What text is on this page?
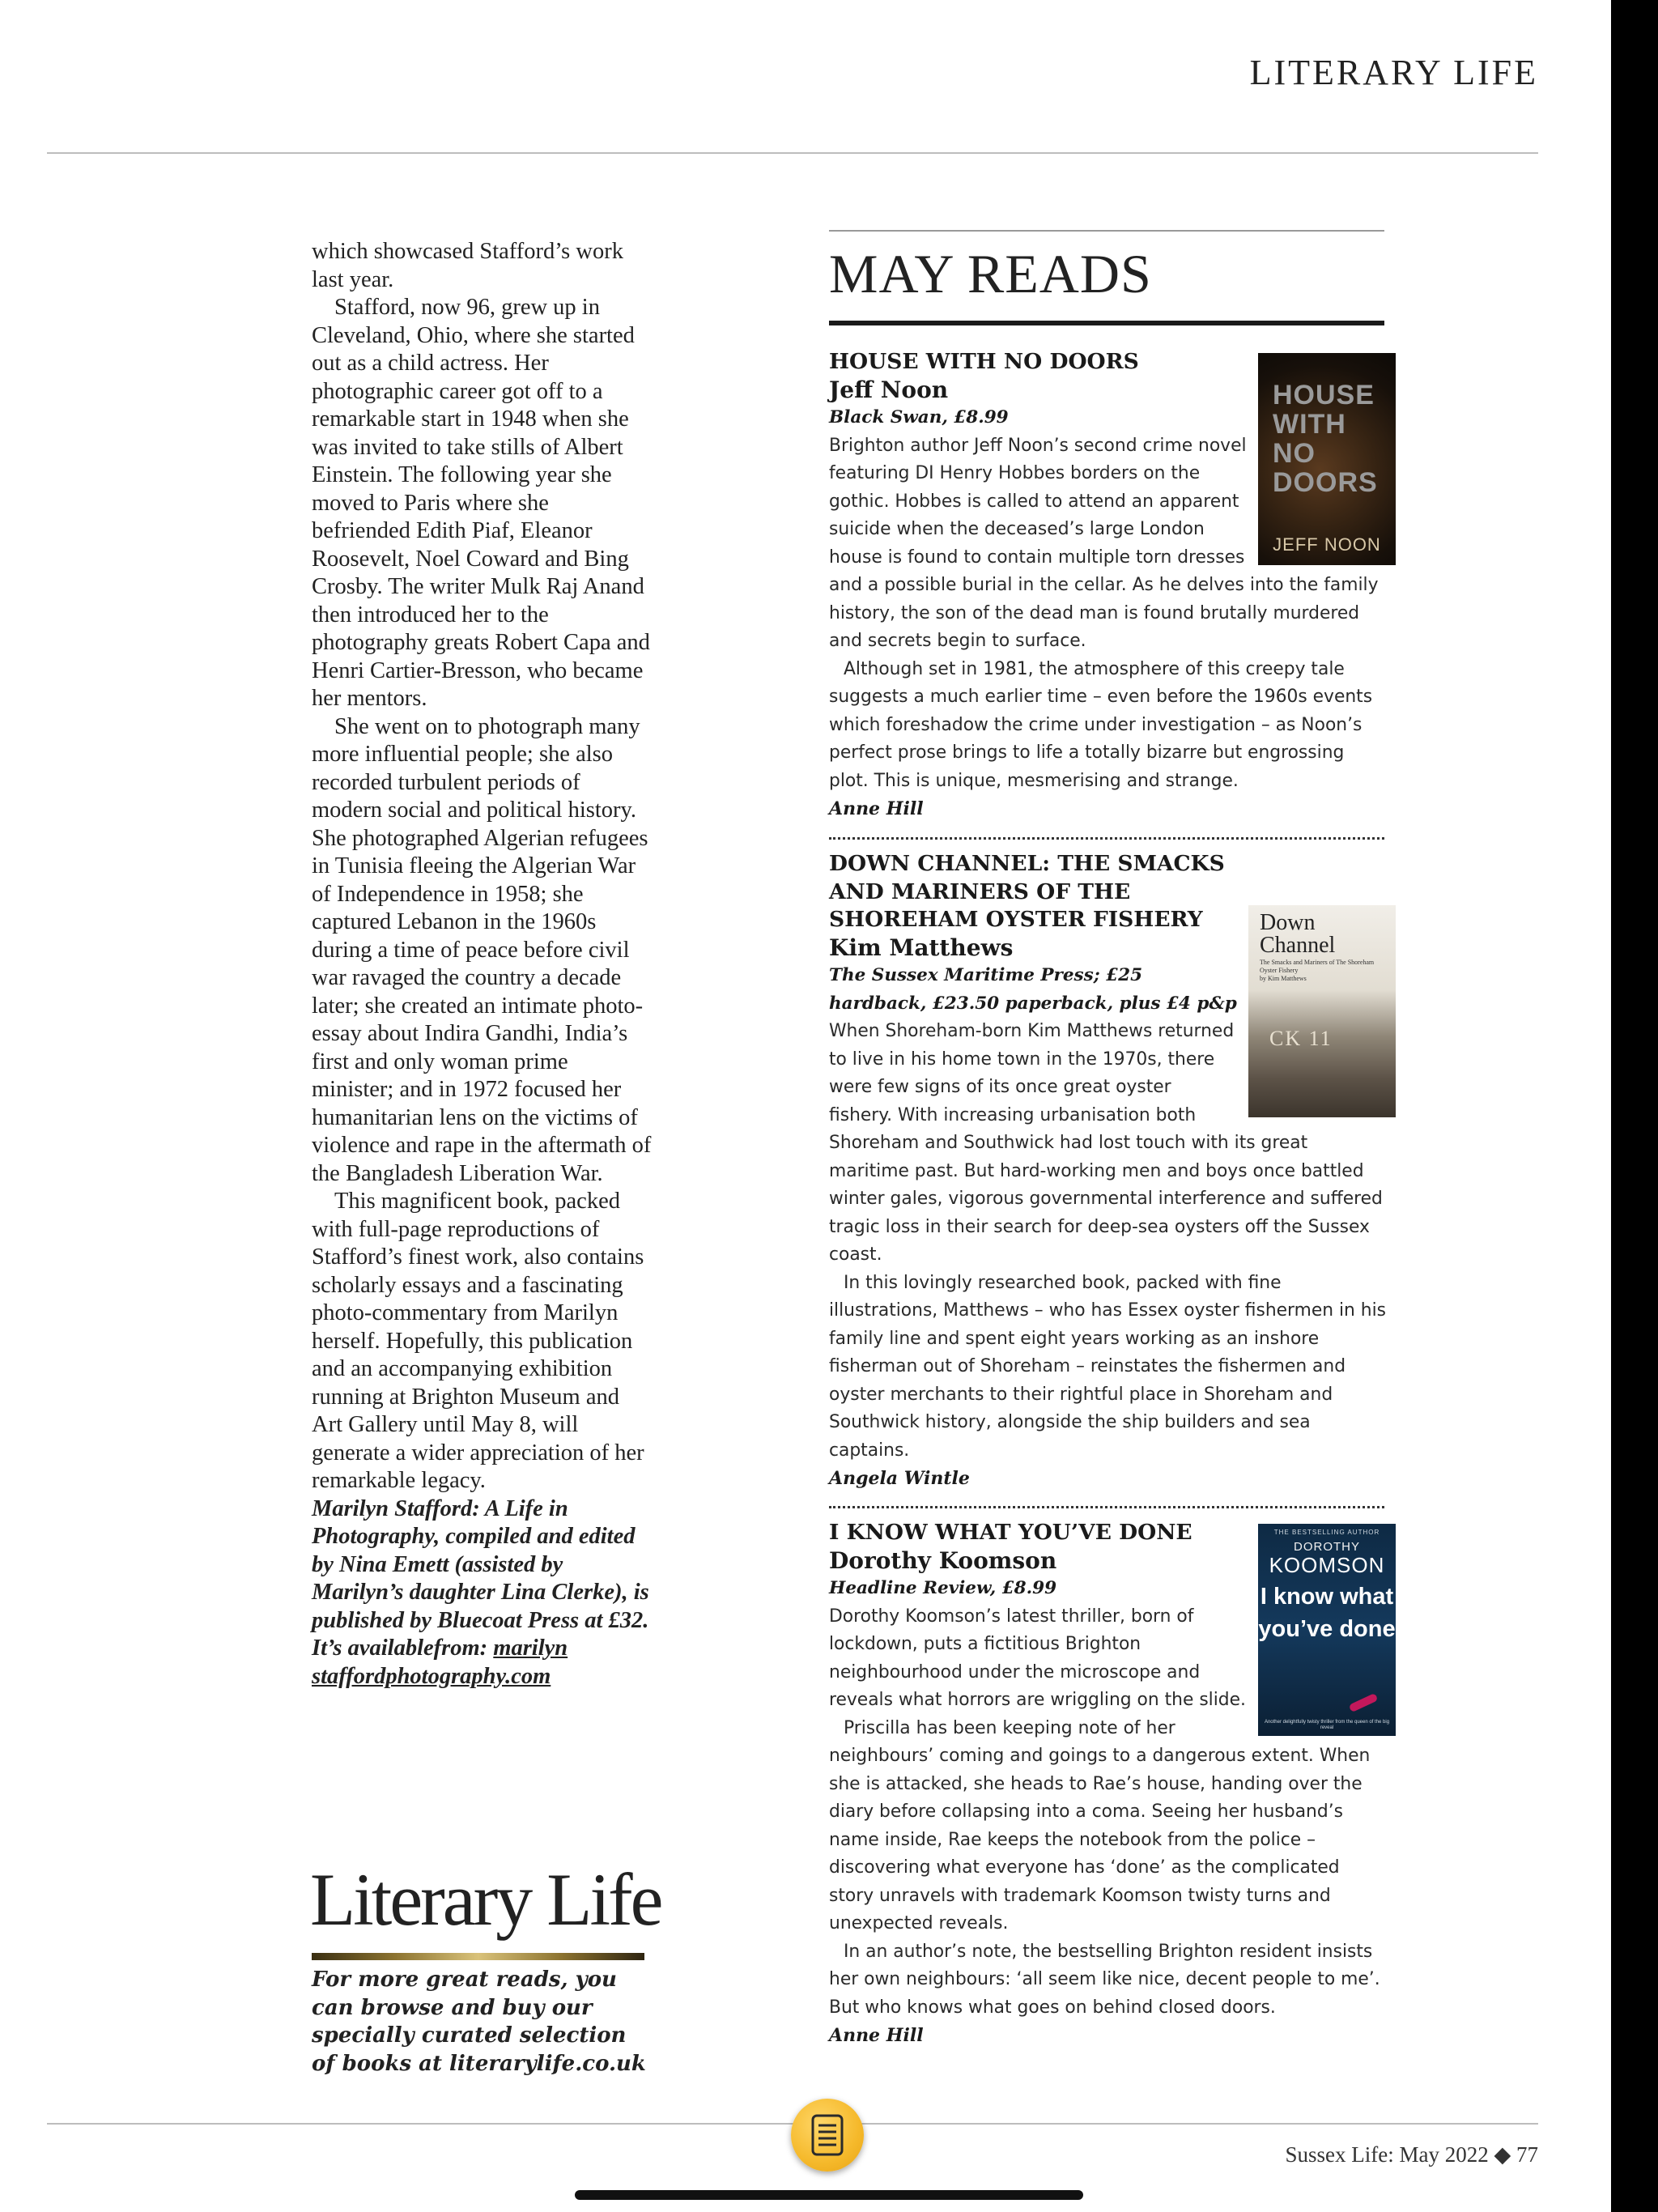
LITERARY LIFE

which showcased Stafford’s work last year.

Stafford, now 96, grew up in Cleveland, Ohio, where she started out as a child actress. Her photographic career got off to a remarkable start in 1948 when she was invited to take stills of Albert Einstein. The following year she moved to Paris where she befriended Edith Piaf, Eleanor Roosevelt, Noel Coward and Bing Crosby. The writer Mulk Raj Anand then introduced her to the photography greats Robert Capa and Henri Cartier-Bresson, who became her mentors.

She went on to photograph many more influential people; she also recorded turbulent periods of modern social and political history. She photographed Algerian refugees in Tunisia fleeing the Algerian War of Independence in 1958; she captured Lebanon in the 1960s during a time of peace before civil war ravaged the country a decade later; she created an intimate photo-essay about Indira Gandhi, India’s first and only woman prime minister; and in 1972 focused her humanitarian lens on the victims of violence and rape in the aftermath of the Bangladesh Liberation War.

This magnificent book, packed with full-page reproductions of Stafford’s finest work, also contains scholarly essays and a fascinating photo-commentary from Marilyn herself. Hopefully, this publication and an accompanying exhibition running at Brighton Museum and Art Gallery until May 8, will generate a wider appreciation of her remarkable legacy.

Marilyn Stafford: A Life in Photography, compiled and edited by Nina Emett (assisted by Marilyn’s daughter Lina Clerke), is published by Bluecoat Press at £32.
It’s availablefrom: marilyn staffordphotography.com

Literary Life
For more great reads, you can browse and buy our specially curated selection of books at literarylife.co.uk
MAY READS
HOUSE WITH NO DOORS
JEFF NOON
HOUSE WITH NO DOORS
Jeff Noon

Black Swan, £8.99

Brighton author Jeff Noon’s second crime novel featuring DI Henry Hobbes borders on the gothic. Hobbes is called to attend an apparent suicide when the deceased’s large London house is found to contain multiple torn dresses and a possible burial in the cellar. As he delves into the family history, the son of the dead man is found brutally murdered and secrets begin to surface.

Although set in 1981, the atmosphere of this creepy tale suggests a much earlier time – even before the 1960s events which foreshadow the crime under investigation – as Noon’s perfect prose brings to life a totally bizarre but engrossing plot. This is unique, mesmerising and strange.

Anne Hill

Down Channel
The Smacks and Mariners of The Shoreham Oyster Fishery
by Kim Matthews
CK 11
DOWN CHANNEL: THE SMACKS AND MARINERS OF THE SHOREHAM OYSTER FISHERY
Kim Matthews

The Sussex Maritime Press; £25 hardback, £23.50 paperback, plus £4 p&p

When Shoreham-born Kim Matthews returned to live in his home town in the 1970s, there were few signs of its once great oyster fishery. With increasing urbanisation both Shoreham and Southwick had lost touch with its great maritime past. But hard-working men and boys once battled winter gales, vigorous governmental interference and suffered tragic loss in their search for deep-sea oysters off the Sussex coast.

In this lovingly researched book, packed with fine illustrations, Matthews – who has Essex oyster fishermen in his family line and spent eight years working as an inshore fisherman out of Shoreham – reinstates the fishermen and oyster merchants to their rightful place in Shoreham and Southwick history, alongside the ship builders and sea captains.

Angela Wintle

THE BESTSELLING AUTHOR
DOROTHY
KOOMSON
I know what you’ve done
Another delightfully twisty thriller from the queen of the big reveal
I KNOW WHAT YOU’VE DONE
Dorothy Koomson

Headline Review, £8.99

Dorothy Koomson’s latest thriller, born of lockdown, puts a fictitious Brighton neighbourhood under the microscope and reveals what horrors are wriggling on the slide.

Priscilla has been keeping note of her neighbours’ coming and goings to a dangerous extent. When she is attacked, she heads to Rae’s house, handing over the diary before collapsing into a coma. Seeing her husband’s name inside, Rae keeps the notebook from the police – discovering what everyone has ‘done’ as the complicated story unravels with trademark Koomson twisty turns and unexpected reveals.

In an author’s note, the bestselling Brighton resident insists her own neighbours: ‘all seem like nice, decent people to me’. But who knows what goes on behind closed doors.

Anne Hill

Sussex Life: May 2022 ◆ 77
